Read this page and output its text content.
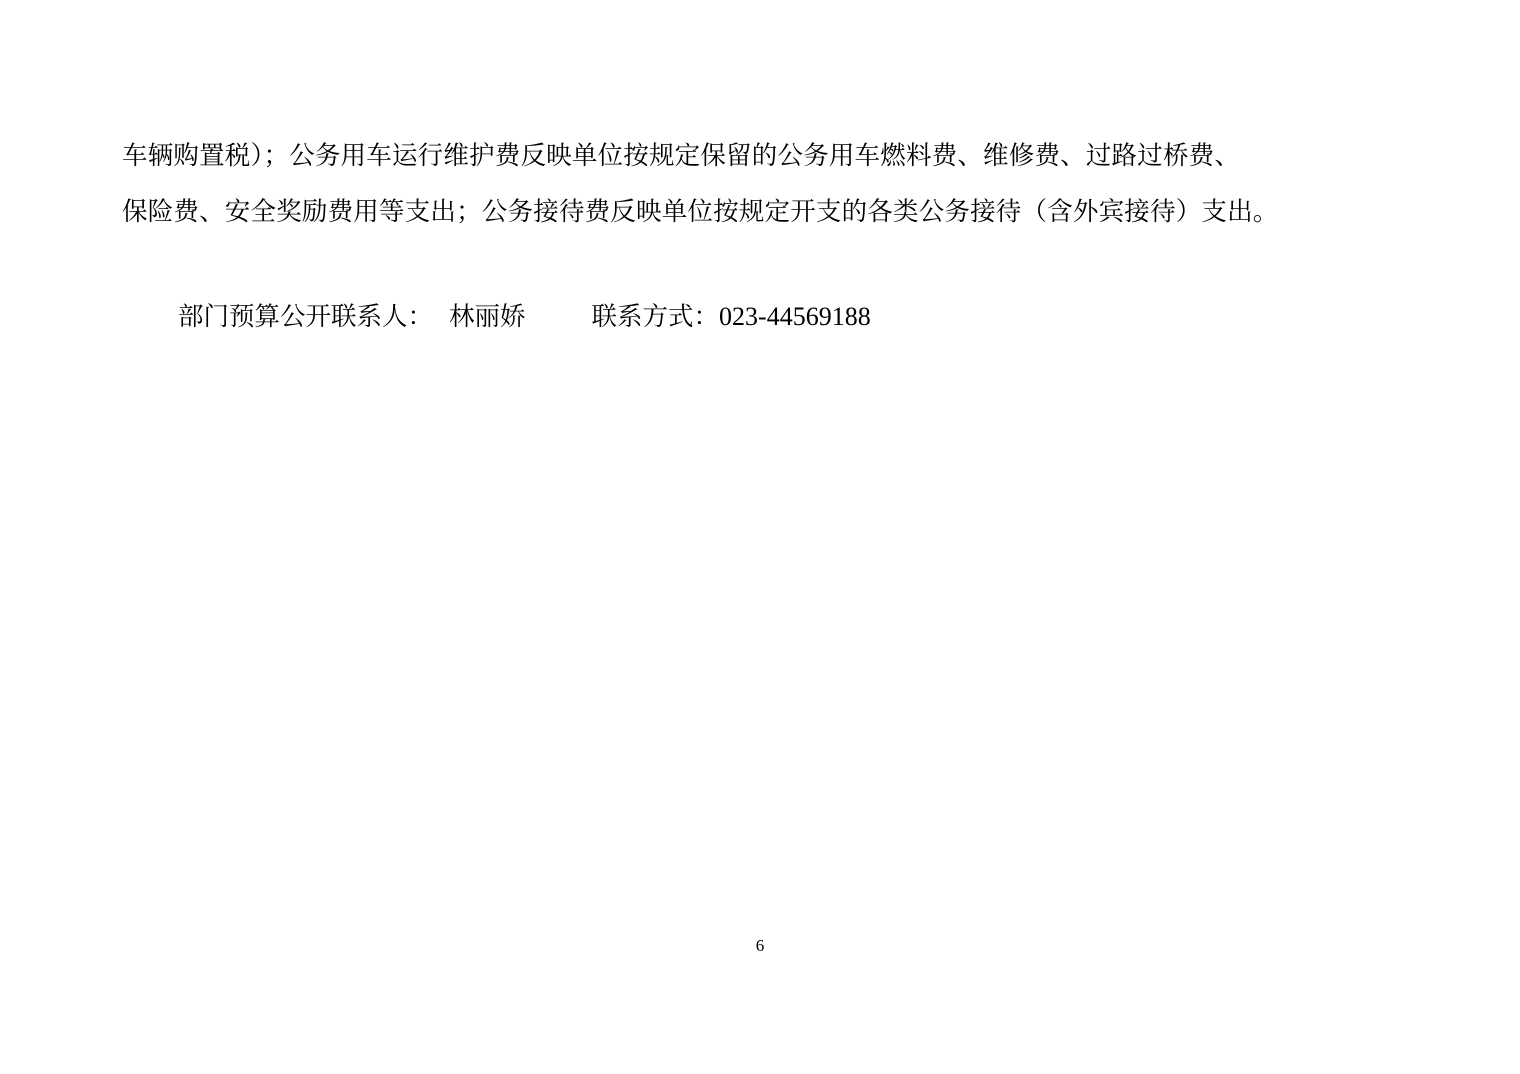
车辆购置税）；公务用车运行维护费反映单位按规定保留的公务用车燃料费、维修费、过路过桥费、
保险费、安全奖励费用等支出；公务接待费反映单位按规定开支的各类公务接待（含外宾接待）支出。
部门预算公开联系人： 林丽娇	联系方式：023-44569188
6
